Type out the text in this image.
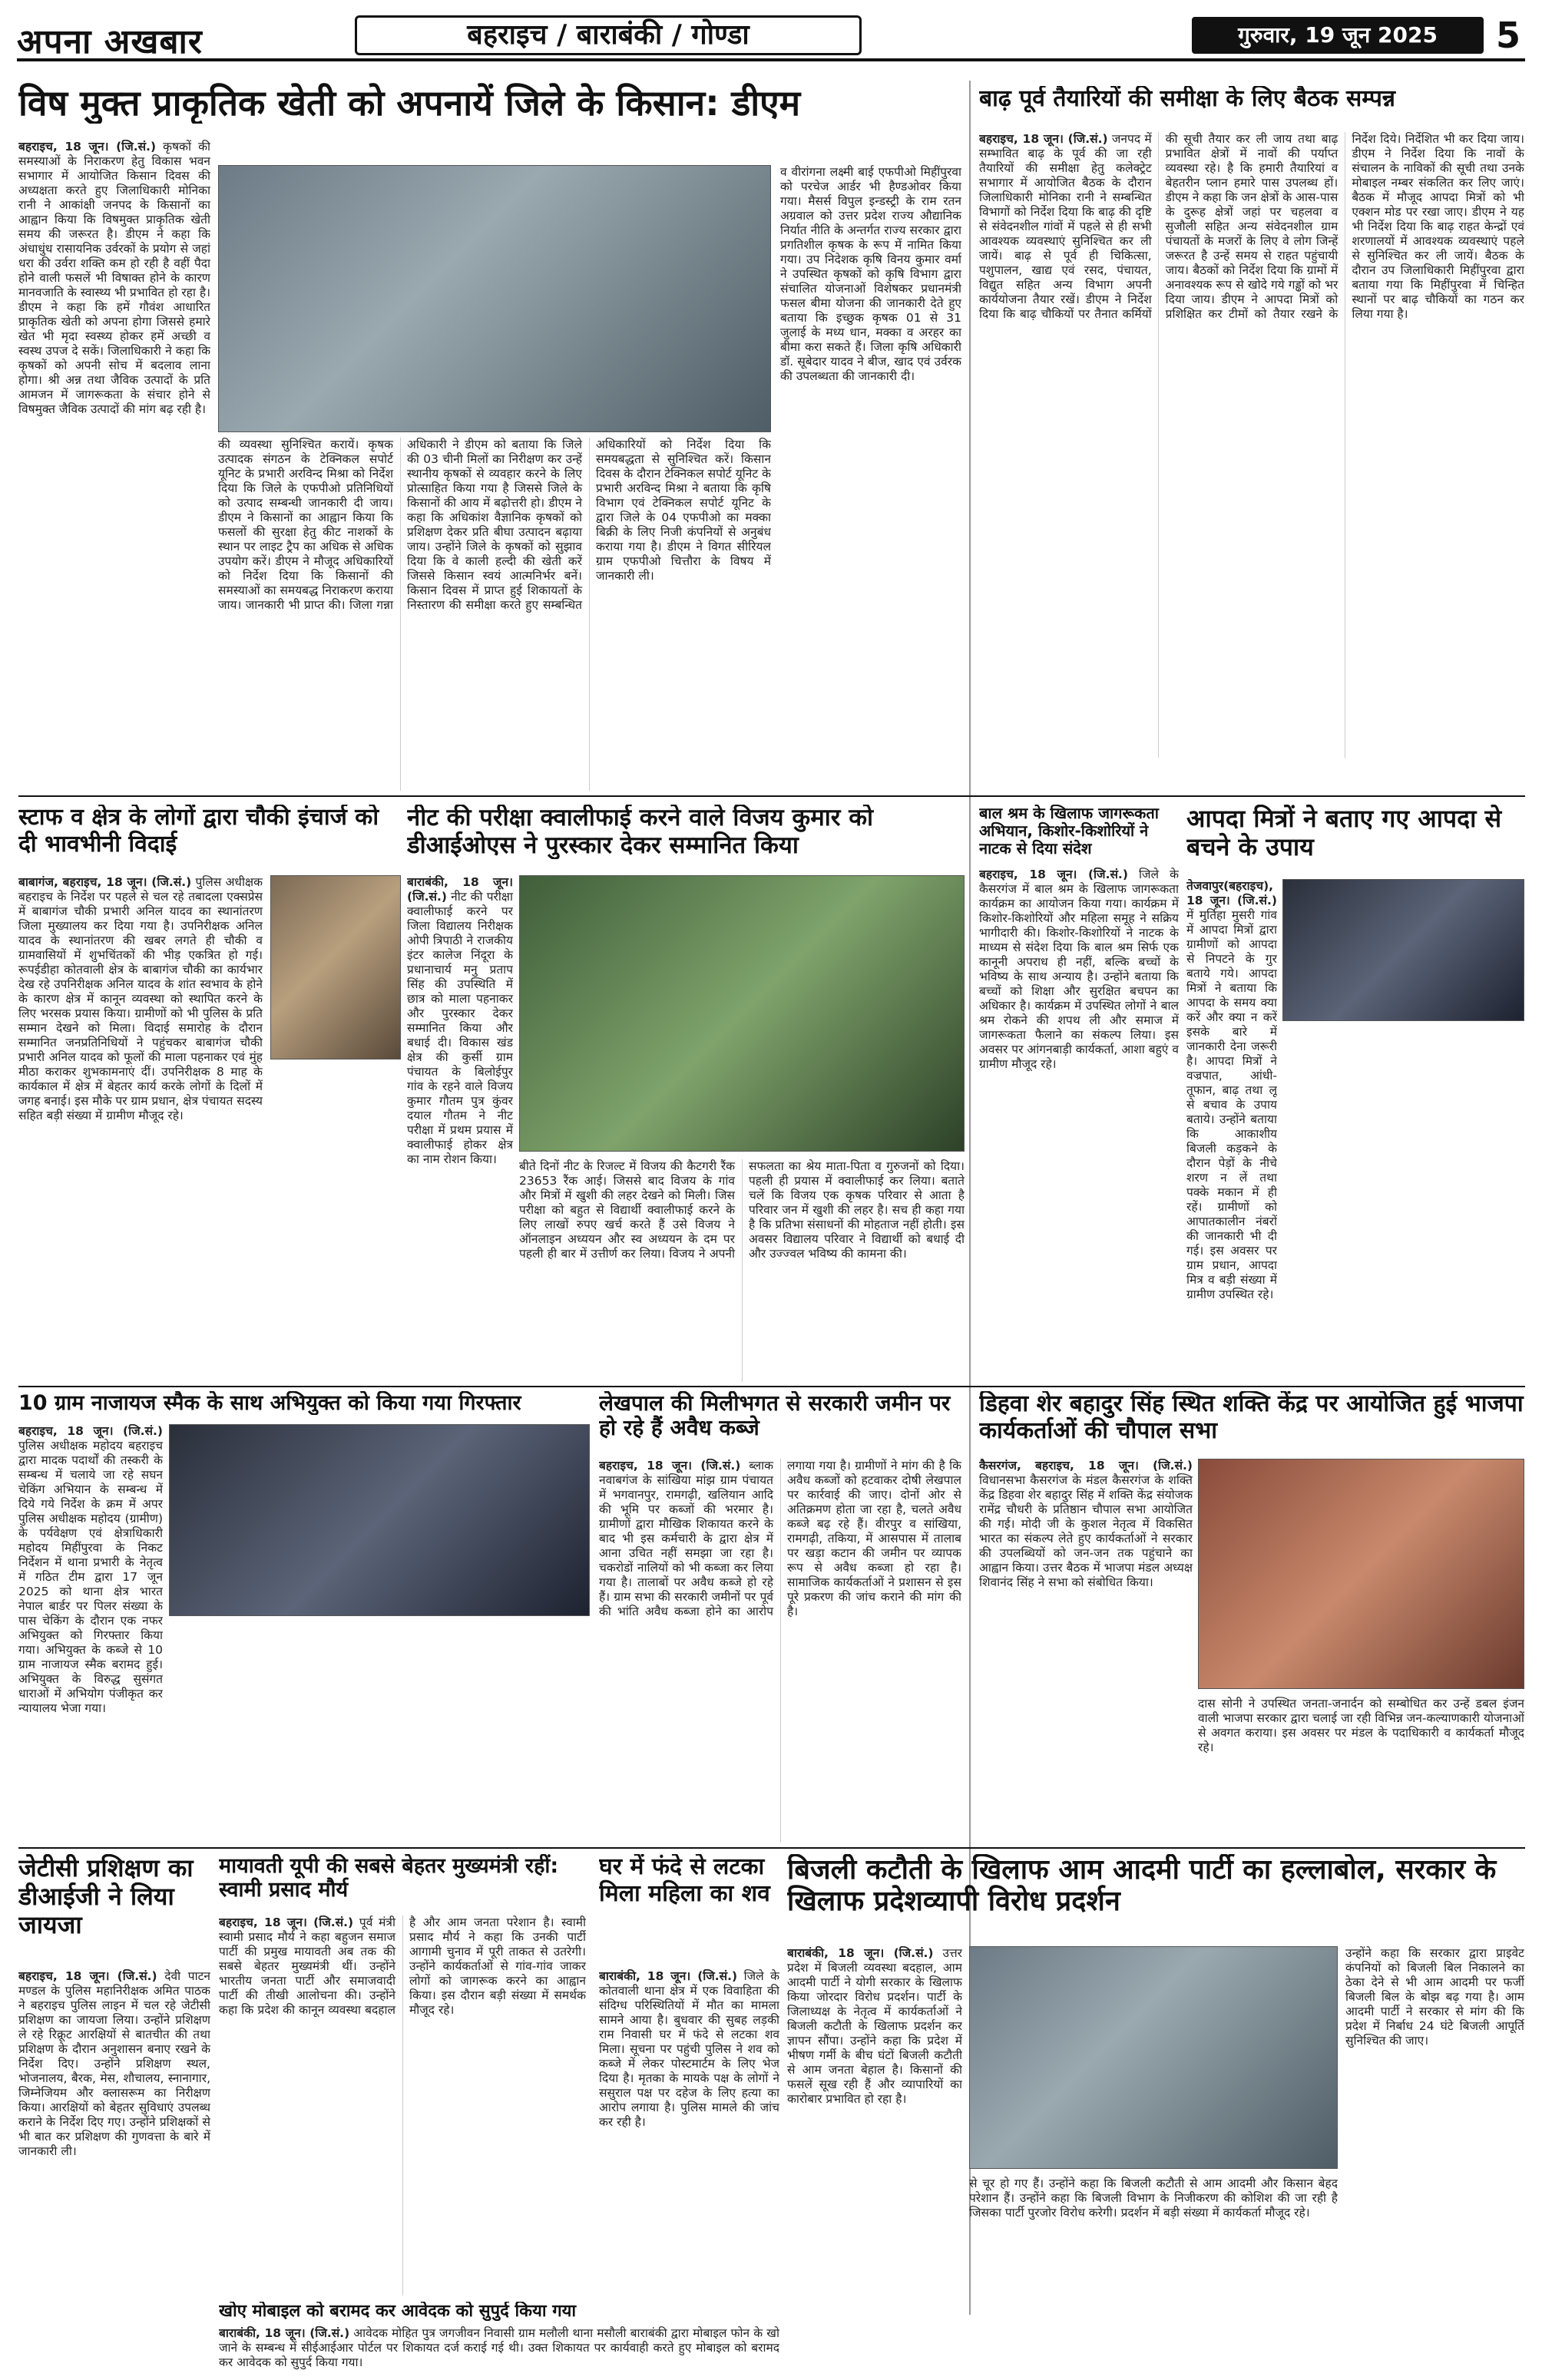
अपना अखबार	बहराइच / बाराबंकी / गोण्डा	गुरुवार, 19 जून 2025	5
विष मुक्त प्राकृतिक खेती को अपनायें जिले के किसान: डीएम
बहराइच, 18 जून। (जि.सं.) कृषकों की समस्याओं के निराकरण हेतु विकास भवन सभागार में आयोजित किसान दिवस की अध्यक्षता करते हुए जिलाधिकारी मोनिका रानी ने आकांक्षी जनपद के किसानों का आह्वान किया कि विषमुक्त प्राकृतिक खेती समय की जरूरत है। डीएम ने कहा कि अंधाधुंध रासायनिक उर्वरकों के प्रयोग से जहां धरा की उर्वरा शक्ति कम हो रही है वहीं पैदा होने वाली फसलें भी विषाक्त होने के कारण मानवजाति के स्वास्थ्य भी प्रभावित हो रहा है। डीएम ने कहा कि हमें गौवंश आधारित प्राकृतिक खेती को अपना होगा जिससे हमारे खेत भी मृदा स्वस्थ्य होकर हमें अच्छी व स्वस्थ उपज दे सकें। जिलाधिकारी ने कहा कि कृषकों को अपनी सोच में बदलाव लाना होगा। श्री अन्न तथा जैविक उत्पादों के प्रति आमजन में जागरूकता के संचार होने से विषमुक्त जैविक उत्पादों की मांग बढ़ रही है।
की व्यवस्था सुनिश्चित करायें। कृषक उत्पादक संगठन के टेक्निकल सपोर्ट यूनिट के प्रभारी अरविन्द मिश्रा को निर्देश दिया कि जिले के एफपीओ प्रतिनिधियों को उत्पाद सम्बन्धी जानकारी दी जाय। डीएम ने किसानों का आह्वान किया कि फसलों की सुरक्षा हेतु कीट नाशकों के स्थान पर लाइट ट्रैप का अधिक से अधिक उपयोग करें। डीएम ने मौजूद अधिकारियों को निर्देश दिया कि किसानों की समस्याओं का समयबद्ध निराकरण कराया जाय। जानकारी भी प्राप्त की। जिला गन्ना अधिकारी ने डीएम को बताया कि जिले की 03 चीनी मिलों का निरीक्षण कर उन्हें स्थानीय कृषकों से व्यवहार करने के लिए प्रोत्साहित किया गया है जिससे जिले के किसानों की आय में बढ़ोत्तरी हो। डीएम ने कहा कि अधिकांश वैज्ञानिक कृषकों को प्रशिक्षण देकर प्रति बीघा उत्पादन बढ़ाया जाय। उन्होंने जिले के कृषकों को सुझाव दिया कि वे काली हल्दी की खेती करें जिससे किसान स्वयं आत्मनिर्भर बनें। किसान दिवस में प्राप्त हुई शिकायतों के निस्तारण की समीक्षा करते हुए सम्बन्धित अधिकारियों को निर्देश दिया कि समयबद्धता से सुनिश्चित करें। किसान दिवस के दौरान टेक्निकल सपोर्ट यूनिट के प्रभारी अरविन्द मिश्रा ने बताया कि कृषि विभाग एवं टेक्निकल सपोर्ट यूनिट के द्वारा जिले के 04 एफपीओ का मक्का बिक्री के लिए निजी कंपनियों से अनुबंध कराया गया है। डीएम ने विगत सीरियल ग्राम एफपीओ चित्तौरा के विषय में जानकारी ली।
व वीरांगना लक्ष्मी बाई एफपीओ मिहींपुरवा को परचेज आर्डर भी हैण्डओवर किया गया। मैसर्स विपुल इन्डस्ट्री के राम रतन अग्रवाल को उत्तर प्रदेश राज्य औद्यानिक निर्यात नीति के अन्तर्गत राज्य सरकार द्वारा प्रगतिशील कृषक के रूप में नामित किया गया। उप निदेशक कृषि विनय कुमार वर्मा ने उपस्थित कृषकों को कृषि विभाग द्वारा संचालित योजनाओं विशेषकर प्रधानमंत्री फसल बीमा योजना की जानकारी देते हुए बताया कि इच्छुक कृषक 01 से 31 जुलाई के मध्य धान, मक्का व अरहर का बीमा करा सकते हैं। जिला कृषि अधिकारी डॉ. सूबेदार यादव ने बीज, खाद एवं उर्वरक की उपलब्धता की जानकारी दी।
बाढ़ पूर्व तैयारियों की समीक्षा के लिए बैठक सम्पन्न
बहराइच, 18 जून। (जि.सं.) जनपद में सम्भावित बाढ़ के पूर्व की जा रही तैयारियों की समीक्षा हेतु कलेक्ट्रेट सभागार में आयोजित बैठक के दौरान जिलाधिकारी मोनिका रानी ने सम्बन्धित विभागों को निर्देश दिया कि बाढ़ की दृष्टि से संवेदनशील गांवों में पहले से ही सभी आवश्यक व्यवस्थाएं सुनिश्चित कर ली जायें। बाढ़ से पूर्व ही चिकित्सा, पशुपालन, खाद्य एवं रसद, पंचायत, विद्युत सहित अन्य विभाग अपनी कार्ययोजना तैयार रखें। डीएम ने निर्देश दिया कि बाढ़ चौकियों पर तैनात कर्मियों की सूची तैयार कर ली जाय तथा बाढ़ प्रभावित क्षेत्रों में नावों की पर्याप्त व्यवस्था रहे। है कि हमारी तैयारियां व बेहतरीन प्लान हमारे पास उपलब्ध हों। डीएम ने कहा कि जन क्षेत्रों के आस-पास के दुरूह क्षेत्रों जहां पर चहलवा व सुजौली सहित अन्य संवेदनशील ग्राम पंचायतों के मजरों के लिए वे लोग जिन्हें जरूरत है उन्हें समय से राहत पहुंचायी जाय। बैठकों को निर्देश दिया कि ग्रामों में अनावश्यक रूप से खोदे गये गड्ढों को भर दिया जाय। डीएम ने आपदा मित्रों को प्रशिक्षित कर टीमों को तैयार रखने के निर्देश दिये। निर्देशित भी कर दिया जाय। डीएम ने निर्देश दिया कि नावों के संचालन के नाविकों की सूची तथा उनके मोबाइल नम्बर संकलित कर लिए जाएं। बैठक में मौजूद आपदा मित्रों को भी एक्शन मोड पर रखा जाए। डीएम ने यह भी निर्देश दिया कि बाढ़ राहत केन्द्रों एवं शरणालयों में आवश्यक व्यवस्थाएं पहले से सुनिश्चित कर ली जायें। बैठक के दौरान उप जिलाधिकारी मिहींपुरवा द्वारा बताया गया कि मिहींपुरवा में चिन्हित स्थानों पर बाढ़ चौकियों का गठन कर लिया गया है।
स्टाफ व क्षेत्र के लोगों द्वारा चौकी इंचार्ज को दी भावभीनी विदाई
बाबागंज, बहराइच, 18 जून। (जि.सं.) पुलिस अधीक्षक बहराइच के निर्देश पर पहले से चल रहे तबादला एक्सप्रेस में बाबागंज चौकी प्रभारी अनिल यादव का स्थानांतरण जिला मुख्यालय कर दिया गया है। उपनिरीक्षक अनिल यादव के स्थानांतरण की खबर लगते ही चौकी व ग्रामवासियों में शुभचिंतकों की भीड़ एकत्रित हो गई। रूपईडीहा कोतवाली क्षेत्र के बाबागंज चौकी का कार्यभार देख रहे उपनिरीक्षक अनिल यादव के शांत स्वभाव के होने के कारण क्षेत्र में कानून व्यवस्था को स्थापित करने के लिए भरसक प्रयास किया। ग्रामीणों को भी पुलिस के प्रति सम्मान देखने को मिला। विदाई समारोह के दौरान सम्मानित जनप्रतिनिधियों ने पहुंचकर बाबागंज चौकी प्रभारी अनिल यादव को फूलों की माला पहनाकर एवं मुंह मीठा कराकर शुभकामनाएं दीं। उपनिरीक्षक 8 माह के कार्यकाल में क्षेत्र में बेहतर कार्य करके लोगों के दिलों में जगह बनाई। इस मौके पर ग्राम प्रधान, क्षेत्र पंचायत सदस्य सहित बड़ी संख्या में ग्रामीण मौजूद रहे।
नीट की परीक्षा क्वालीफाई करने वाले विजय कुमार को डीआईओएस ने पुरस्कार देकर सम्मानित किया
बाराबंकी, 18 जून। (जि.सं.) नीट की परीक्षा क्वालीफाई करने पर जिला विद्यालय निरीक्षक ओपी त्रिपाठी ने राजकीय इंटर कालेज निंदूरा के प्रधानाचार्य मनु प्रताप सिंह की उपस्थिति में छात्र को माला पहनाकर और पुरस्कार देकर सम्मानित किया और बधाई दी। विकास खंड क्षेत्र की कुर्सी ग्राम पंचायत के बिलोईपुर गांव के रहने वाले विजय कुमार गौतम पुत्र कुंवर दयाल गौतम ने नीट परीक्षा में प्रथम प्रयास में क्वालीफाई होकर क्षेत्र का नाम रोशन किया।	बीते दिनों नीट के रिजल्ट में विजय की कैटगरी रैंक 23653 रैंक आई। जिससे बाद विजय के गांव और मित्रों में खुशी की लहर देखने को मिली। जिस परीक्षा को बहुत से विद्यार्थी क्वालीफाई करने के लिए लाखों रुपए खर्च करते हैं उसे विजय ने ऑनलाइन अध्ययन और स्व अध्ययन के दम पर पहली ही बार में उत्तीर्ण कर लिया। विजय ने अपनी सफलता का श्रेय माता-पिता व गुरुजनों को दिया। पहली ही प्रयास में क्वालीफाई कर लिया। बताते चलें कि विजय एक कृषक परिवार से आता है परिवार जन में खुशी की लहर है। सच ही कहा गया है कि प्रतिभा संसाधनों की मोहताज नहीं होती। इस अवसर विद्यालय परिवार ने विद्यार्थी को बधाई दी और उज्ज्वल भविष्य की कामना की।
बाल श्रम के खिलाफ जागरूकता अभियान, किशोर-किशोरियों ने नाटक से दिया संदेश
बहराइच, 18 जून। (जि.सं.) जिले के कैसरगंज में बाल श्रम के खिलाफ जागरूकता कार्यक्रम का आयोजन किया गया। कार्यक्रम में किशोर-किशोरियों और महिला समूह ने सक्रिय भागीदारी की। किशोर-किशोरियों ने नाटक के माध्यम से संदेश दिया कि बाल श्रम सिर्फ एक कानूनी अपराध ही नहीं, बल्कि बच्चों के भविष्य के साथ अन्याय है। उन्होंने बताया कि बच्चों को शिक्षा और सुरक्षित बचपन का अधिकार है। कार्यक्रम में उपस्थित लोगों ने बाल श्रम रोकने की शपथ ली और समाज में जागरूकता फैलाने का संकल्प लिया। इस अवसर पर आंगनबाड़ी कार्यकर्ता, आशा बहुएं व ग्रामीण मौजूद रहे।
आपदा मित्रों ने बताए गए आपदा से बचने के उपाय
तेजवापुर(बहराइच), 18 जून। (जि.सं.) में मुर्तिहा मुसरी गांव में आपदा मित्रों द्वारा ग्रामीणों को आपदा से निपटने के गुर बताये गये। आपदा मित्रों ने बताया कि आपदा के समय क्या करें और क्या न करें इसके बारे में जानकारी देना जरूरी है। आपदा मित्रों ने वज्रपात, आंधी-तूफान, बाढ़ तथा लू से बचाव के उपाय बताये। उन्होंने बताया कि आकाशीय बिजली कड़कने के दौरान पेड़ों के नीचे शरण न लें तथा पक्के मकान में ही रहें। ग्रामीणों को आपातकालीन नंबरों की जानकारी भी दी गई। इस अवसर पर ग्राम प्रधान, आपदा मित्र व बड़ी संख्या में ग्रामीण उपस्थित रहे।
10 ग्राम नाजायज स्मैक के साथ अभियुक्त को किया गया गिरफ्तार
बहराइच, 18 जून। (जि.सं.) पुलिस अधीक्षक महोदय बहराइच द्वारा मादक पदार्थों की तस्करी के सम्बन्ध में चलाये जा रहे सघन चेकिंग अभियान के सम्बन्ध में दिये गये निर्देश के क्रम में अपर पुलिस अधीक्षक महोदय (ग्रामीण) के पर्यवेक्षण एवं क्षेत्राधिकारी महोदय मिहींपुरवा के निकट निर्देशन में थाना प्रभारी के नेतृत्व में गठित टीम द्वारा 17 जून 2025 को थाना क्षेत्र भारत नेपाल बार्डर पर पिलर संख्या के पास चेकिंग के दौरान एक नफर अभियुक्त को गिरफ्तार किया गया। अभियुक्त के कब्जे से 10 ग्राम नाजायज स्मैक बरामद हुई। अभियुक्त के विरुद्ध सुसंगत धाराओं में अभियोग पंजीकृत कर न्यायालय भेजा गया।
लेखपाल की मिलीभगत से सरकारी जमीन पर हो रहे हैं अवैध कब्जे
बहराइच, 18 जून। (जि.सं.) ब्लाक नवाबगंज के सांखिया मांझ ग्राम पंचायत में भगवानपुर, रामगढ़ी, खलियान आदि की भूमि पर कब्जों की भरमार है। ग्रामीणों द्वारा मौखिक शिकायत करने के बाद भी इस कर्मचारी के द्वारा क्षेत्र में आना उचित नहीं समझा जा रहा है। चकरोडों नालियों को भी कब्जा कर लिया गया है। तालाबों पर अवैध कब्जे हो रहे हैं। ग्राम सभा की सरकारी जमीनों पर पूर्व की भांति अवैध कब्जा होने का आरोप लगाया गया है। ग्रामीणों ने मांग की है कि अवैध कब्जों को हटवाकर दोषी लेखपाल पर कार्रवाई की जाए। दोनों ओर से अतिक्रमण होता जा रहा है, चलते अवैध कब्जे बढ़ रहे हैं। वीरपुर व सांखिया, रामगढ़ी, तकिया, में आसपास में तालाब पर खड़ा कटान की जमीन पर व्यापक रूप से अवैध कब्जा हो रहा है। सामाजिक कार्यकर्ताओं ने प्रशासन से इस पूरे प्रकरण की जांच कराने की मांग की है।
डिहवा शेर बहादुर सिंह स्थित शक्ति केंद्र पर आयोजित हुई भाजपा कार्यकर्ताओं की चौपाल सभा
कैसरगंज, बहराइच, 18 जून। (जि.सं.) विधानसभा कैसरगंज के मंडल कैसरगंज के शक्ति केंद्र डिहवा शेर बहादुर सिंह में शक्ति केंद्र संयोजक रामेंद्र चौधरी के प्रतिष्ठान चौपाल सभा आयोजित की गई। मोदी जी के कुशल नेतृत्व में विकसित भारत का संकल्प लेते हुए कार्यकर्ताओं ने सरकार की उपलब्धियों को जन-जन तक पहुंचाने का आह्वान किया। उत्तर बैठक में भाजपा मंडल अध्यक्ष शिवानंद सिंह ने सभा को संबोधित किया।
दास सोनी ने उपस्थित जनता-जनार्दन को सम्बोधित कर उन्हें डबल इंजन वाली भाजपा सरकार द्वारा चलाई जा रही विभिन्न जन-कल्याणकारी योजनाओं से अवगत कराया। इस अवसर पर मंडल के पदाधिकारी व कार्यकर्ता मौजूद रहे।
जेटीसी प्रशिक्षण का डीआईजी ने लिया जायजा
बहराइच, 18 जून। (जि.सं.) देवी पाटन मण्डल के पुलिस महानिरीक्षक अमित पाठक ने बहराइच पुलिस लाइन में चल रहे जेटीसी प्रशिक्षण का जायजा लिया। उन्होंने प्रशिक्षण ले रहे रिक्रूट आरक्षियों से बातचीत की तथा प्रशिक्षण के दौरान अनुशासन बनाए रखने के निर्देश दिए। उन्होंने प्रशिक्षण स्थल, भोजनालय, बैरक, मेस, शौचालय, स्नानागार, जिम्नेजियम और क्लासरूम का निरीक्षण किया। आरक्षियों को बेहतर सुविधाएं उपलब्ध कराने के निर्देश दिए गए। उन्होंने प्रशिक्षकों से भी बात कर प्रशिक्षण की गुणवत्ता के बारे में जानकारी ली।
मायावती यूपी की सबसे बेहतर मुख्यमंत्री रहीं: स्वामी प्रसाद मौर्य
बहराइच, 18 जून। (जि.सं.) पूर्व मंत्री स्वामी प्रसाद मौर्य ने कहा बहुजन समाज पार्टी की प्रमुख मायावती अब तक की सबसे बेहतर मुख्यमंत्री थीं। उन्होंने भारतीय जनता पार्टी और समाजवादी पार्टी की तीखी आलोचना की। उन्होंने कहा कि प्रदेश की कानून व्यवस्था बदहाल है और आम जनता परेशान है। स्वामी प्रसाद मौर्य ने कहा कि उनकी पार्टी आगामी चुनाव में पूरी ताकत से उतरेगी। उन्होंने कार्यकर्ताओं से गांव-गांव जाकर लोगों को जागरूक करने का आह्वान किया। इस दौरान बड़ी संख्या में समर्थक मौजूद रहे।
घर में फंदे से लटका मिला महिला का शव
बाराबंकी, 18 जून। (जि.सं.) जिले के कोतवाली थाना क्षेत्र में एक विवाहिता की संदिग्ध परिस्थितियों में मौत का मामला सामने आया है। बुधवार की सुबह लड़की राम निवासी घर में फंदे से लटका शव मिला। सूचना पर पहुंची पुलिस ने शव को कब्जे में लेकर पोस्टमार्टम के लिए भेज दिया है। मृतका के मायके पक्ष के लोगों ने ससुराल पक्ष पर दहेज के लिए हत्या का आरोप लगाया है। पुलिस मामले की जांच कर रही है।
बिजली कटौती के खिलाफ आम आदमी पार्टी का हल्लाबोल, सरकार के खिलाफ प्रदेशव्यापी विरोध प्रदर्शन
बाराबंकी, 18 जून। (जि.सं.) उत्तर प्रदेश में बिजली व्यवस्था बदहाल, आम आदमी पार्टी ने योगी सरकार के खिलाफ किया जोरदार विरोध प्रदर्शन। पार्टी के जिलाध्यक्ष के नेतृत्व में कार्यकर्ताओं ने बिजली कटौती के खिलाफ प्रदर्शन कर ज्ञापन सौंपा। उन्होंने कहा कि प्रदेश में भीषण गर्मी के बीच घंटों बिजली कटौती से आम जनता बेहाल है। किसानों की फसलें सूख रही हैं और व्यापारियों का कारोबार प्रभावित हो रहा है।
से चूर हो गए हैं। उन्होंने कहा कि बिजली कटौती से आम आदमी और किसान बेहद परेशान हैं। उन्होंने कहा कि बिजली विभाग के निजीकरण की कोशिश की जा रही है जिसका पार्टी पुरजोर विरोध करेगी। प्रदर्शन में बड़ी संख्या में कार्यकर्ता मौजूद रहे।
उन्होंने कहा कि सरकार द्वारा प्राइवेट कंपनियों को बिजली बिल निकालने का ठेका देने से भी आम आदमी पर फर्जी बिजली बिल के बोझ बढ़ गया है। आम आदमी पार्टी ने सरकार से मांग की कि प्रदेश में निर्बाध 24 घंटे बिजली आपूर्ति सुनिश्चित की जाए।
खोए मोबाइल को बरामद कर आवेदक को सुपुर्द किया गया
बाराबंकी, 18 जून। (जि.सं.) आवेदक मोहित पुत्र जगजीवन निवासी ग्राम मलौली थाना मसौली बाराबंकी द्वारा मोबाइल फोन के खो जाने के सम्बन्ध में सीईआईआर पोर्टल पर शिकायत दर्ज कराई गई थी। उक्त शिकायत पर कार्यवाही करते हुए मोबाइल को बरामद कर आवेदक को सुपुर्द किया गया।
